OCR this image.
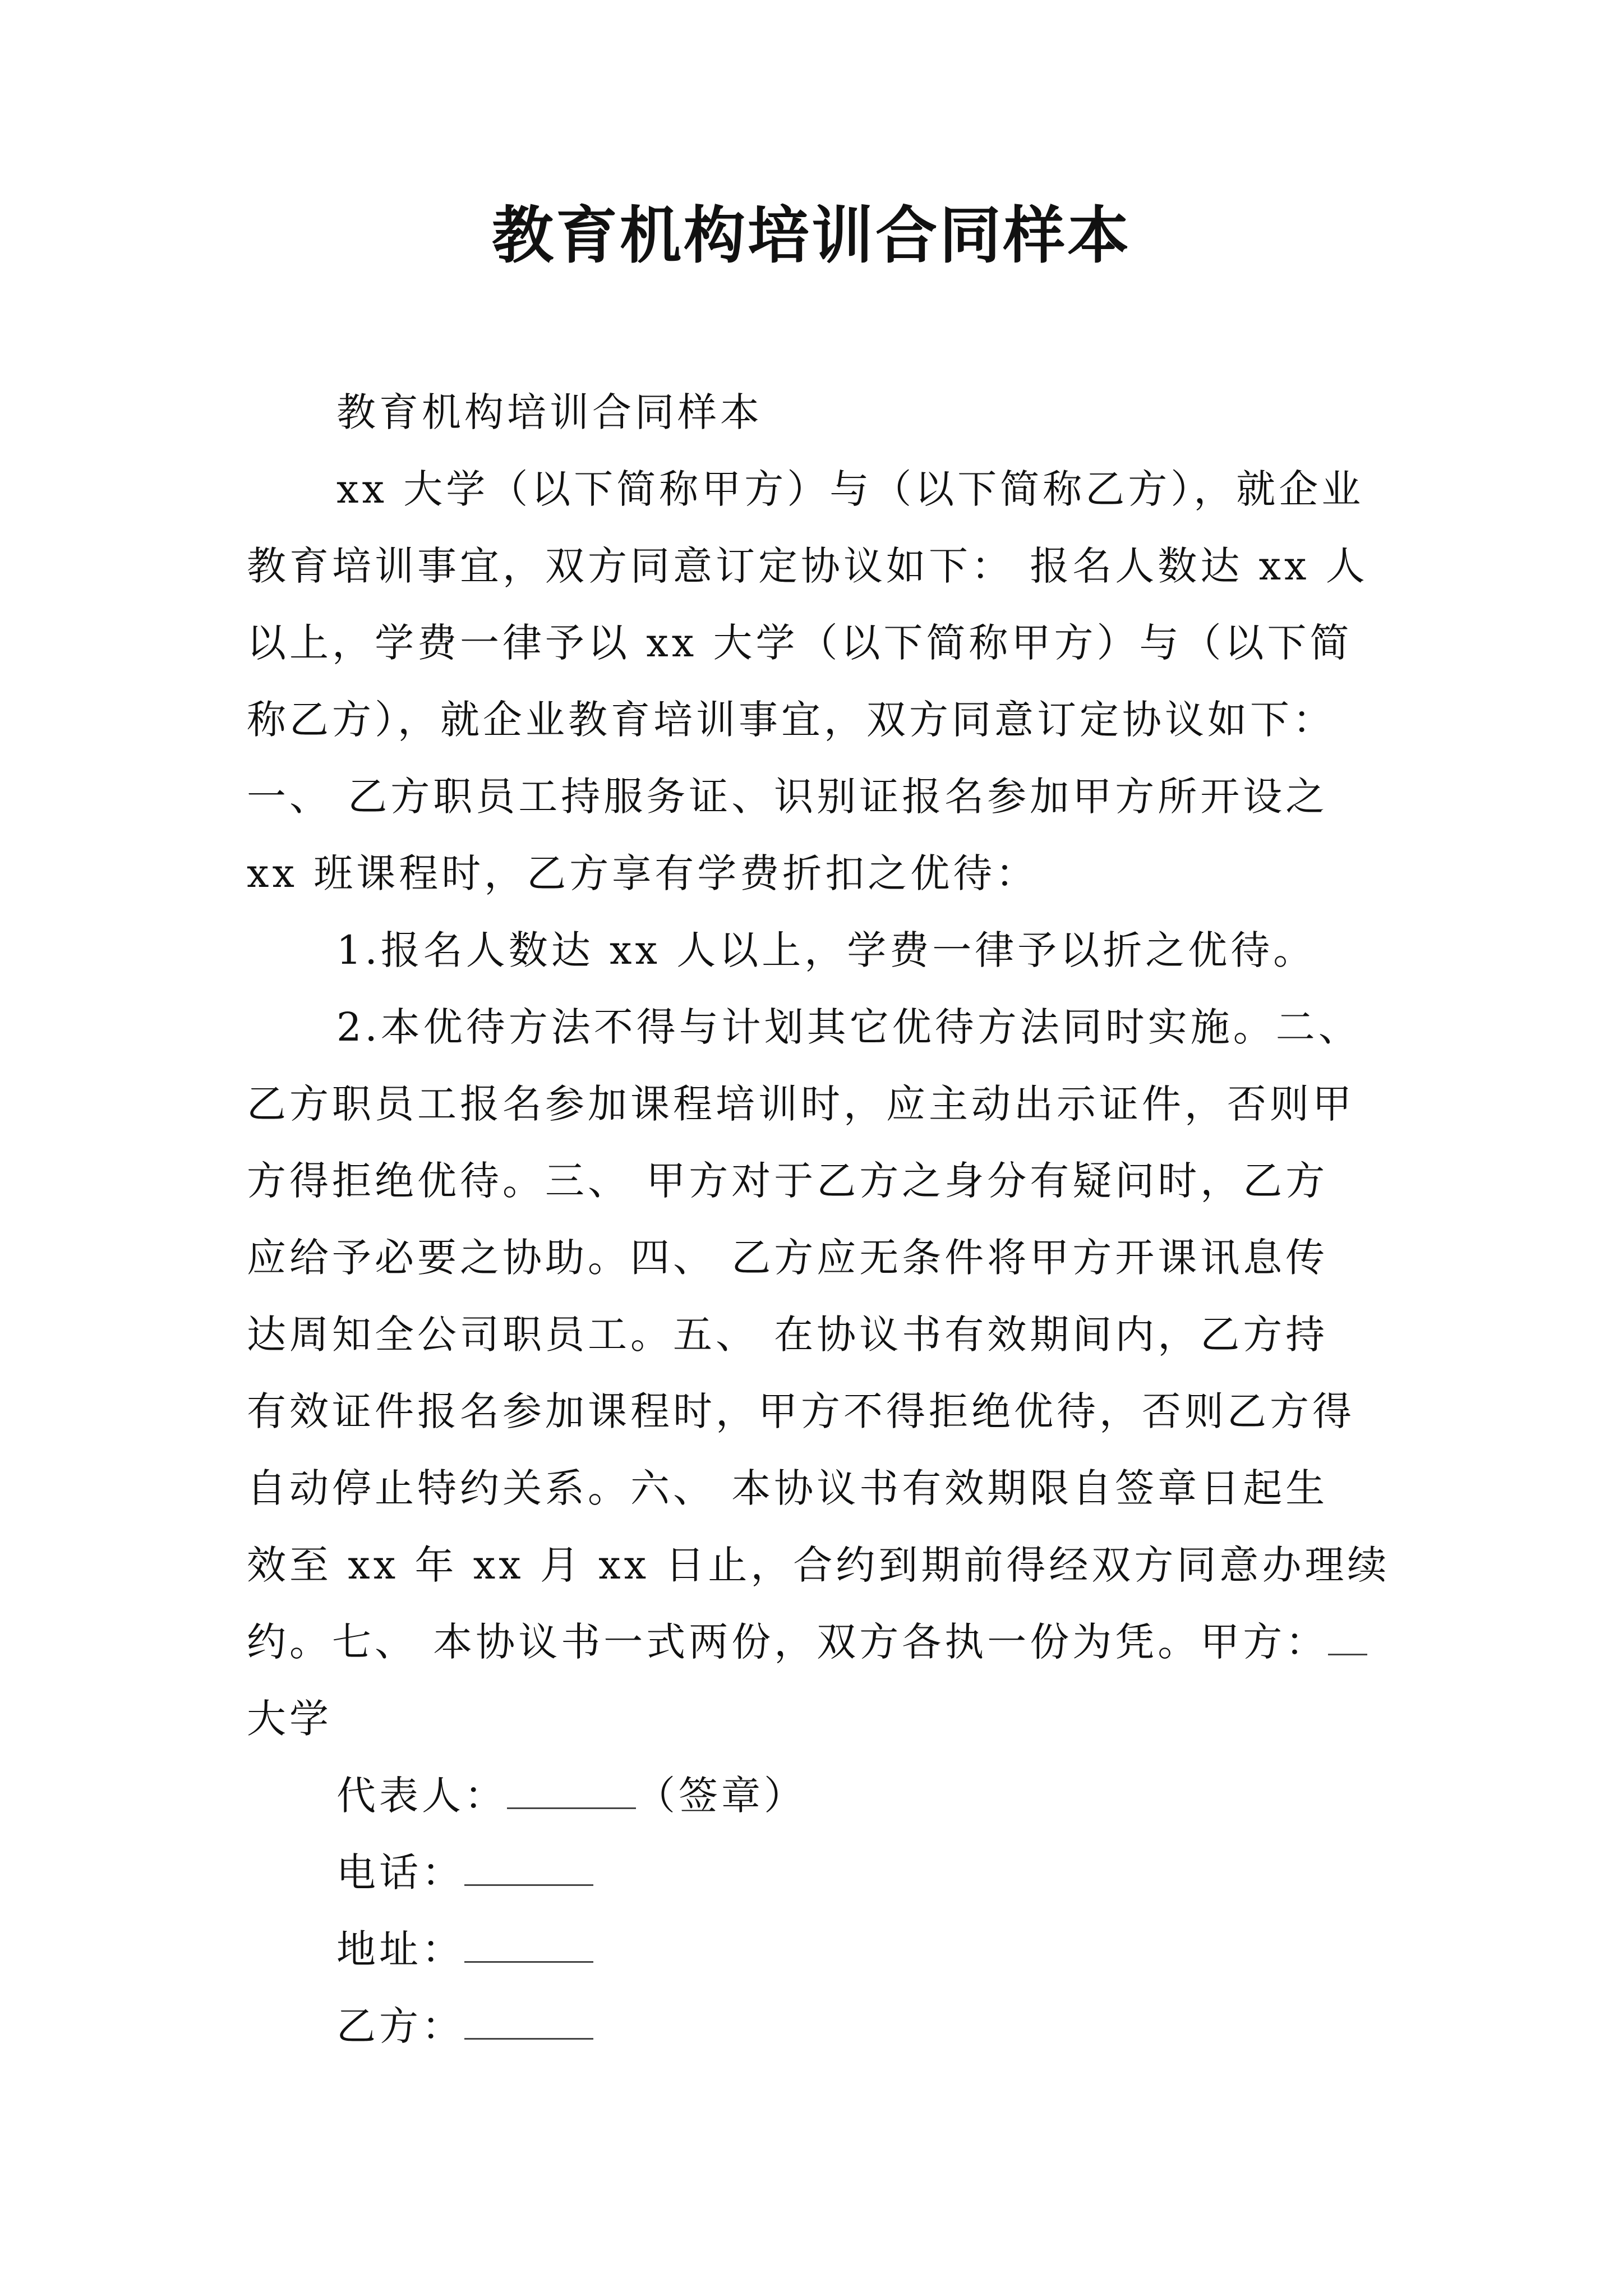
教育机构培训合同样本
教育机构培训合同样本
xx 大学（以下简称甲方）与（以下简称乙方），就企业
教育培训事宜，双方同意订定协议如下： 报名人数达 xx 人
以上，学费一律予以 xx 大学（以下简称甲方）与（以下简
称乙方），就企业教育培训事宜，双方同意订定协议如下：
一、 乙方职员工持服务证、识别证报名参加甲方所开设之
xx 班课程时，乙方享有学费折扣之优待：
1.报名人数达 xx 人以上，学费一律予以折之优待。
2.本优待方法不得与计划其它优待方法同时实施。二、
乙方职员工报名参加课程培训时，应主动出示证件，否则甲
方得拒绝优待。三、 甲方对于乙方之身分有疑问时，乙方
应给予必要之协助。四、 乙方应无条件将甲方开课讯息传
达周知全公司职员工。五、 在协议书有效期间内，乙方持
有效证件报名参加课程时，甲方不得拒绝优待，否则乙方得
自动停止特约关系。六、 本协议书有效期限自签章日起生
效至 xx 年 xx 月 xx 日止，合约到期前得经双方同意办理续
约。七、 本协议书一式两份，双方各执一份为凭。甲方：
大学
代表人：	（签章）
电话：
地址：
乙方：
